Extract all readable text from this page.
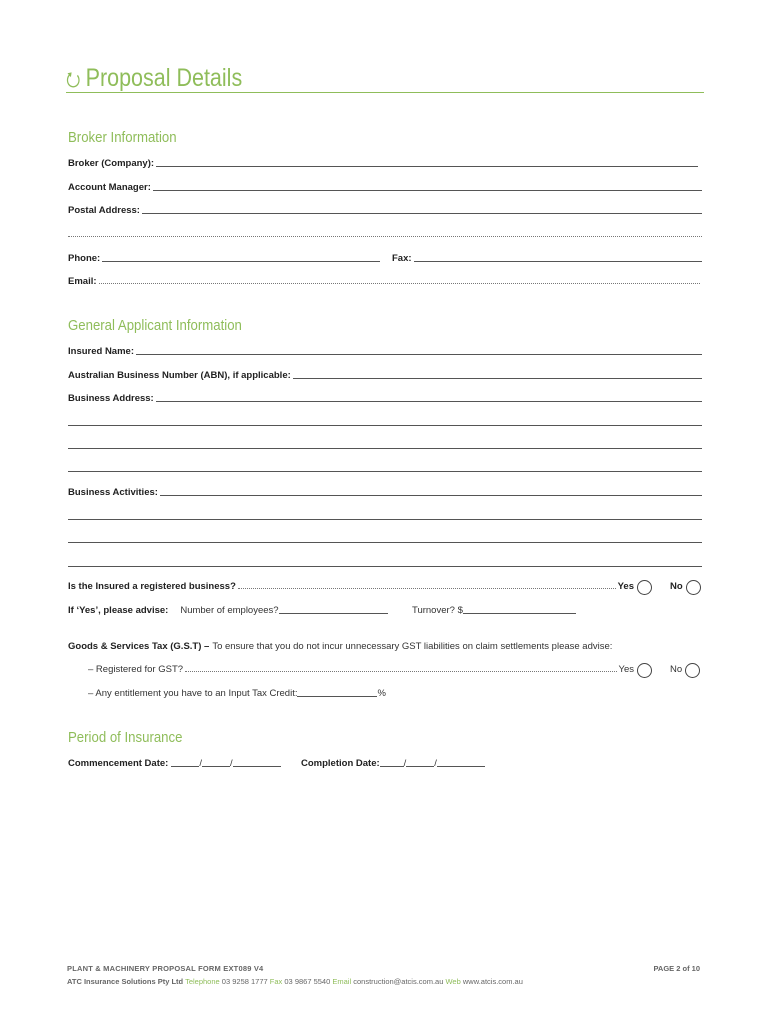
⭮ Proposal Details
Broker Information
Broker (Company):
Account Manager:
Postal Address:
Phone:	Fax:
Email:
General Applicant Information
Insured Name:
Australian Business Number (ABN), if applicable:
Business Address:
Business Activities:
Is the Insured a registered business?	Yes	No
If ‘Yes’, please advise: Number of employees?	Turnover? $
Goods & Services Tax (G.S.T) – To ensure that you do not incur unnecessary GST liabilities on claim settlements please advise:
– Registered for GST?	Yes	No
– Any entitlement you have to an Input Tax Credit:	%
Period of Insurance
Commencement Date:	/	/	Completion Date:	/	/
PLANT & MACHINERY PROPOSAL FORM EXT089 V4	PAGE 2 of 10
ATC Insurance Solutions Pty Ltd Telephone 03 9258 1777 Fax 03 9867 5540 Email construction@atcis.com.au Web www.atcis.com.au
